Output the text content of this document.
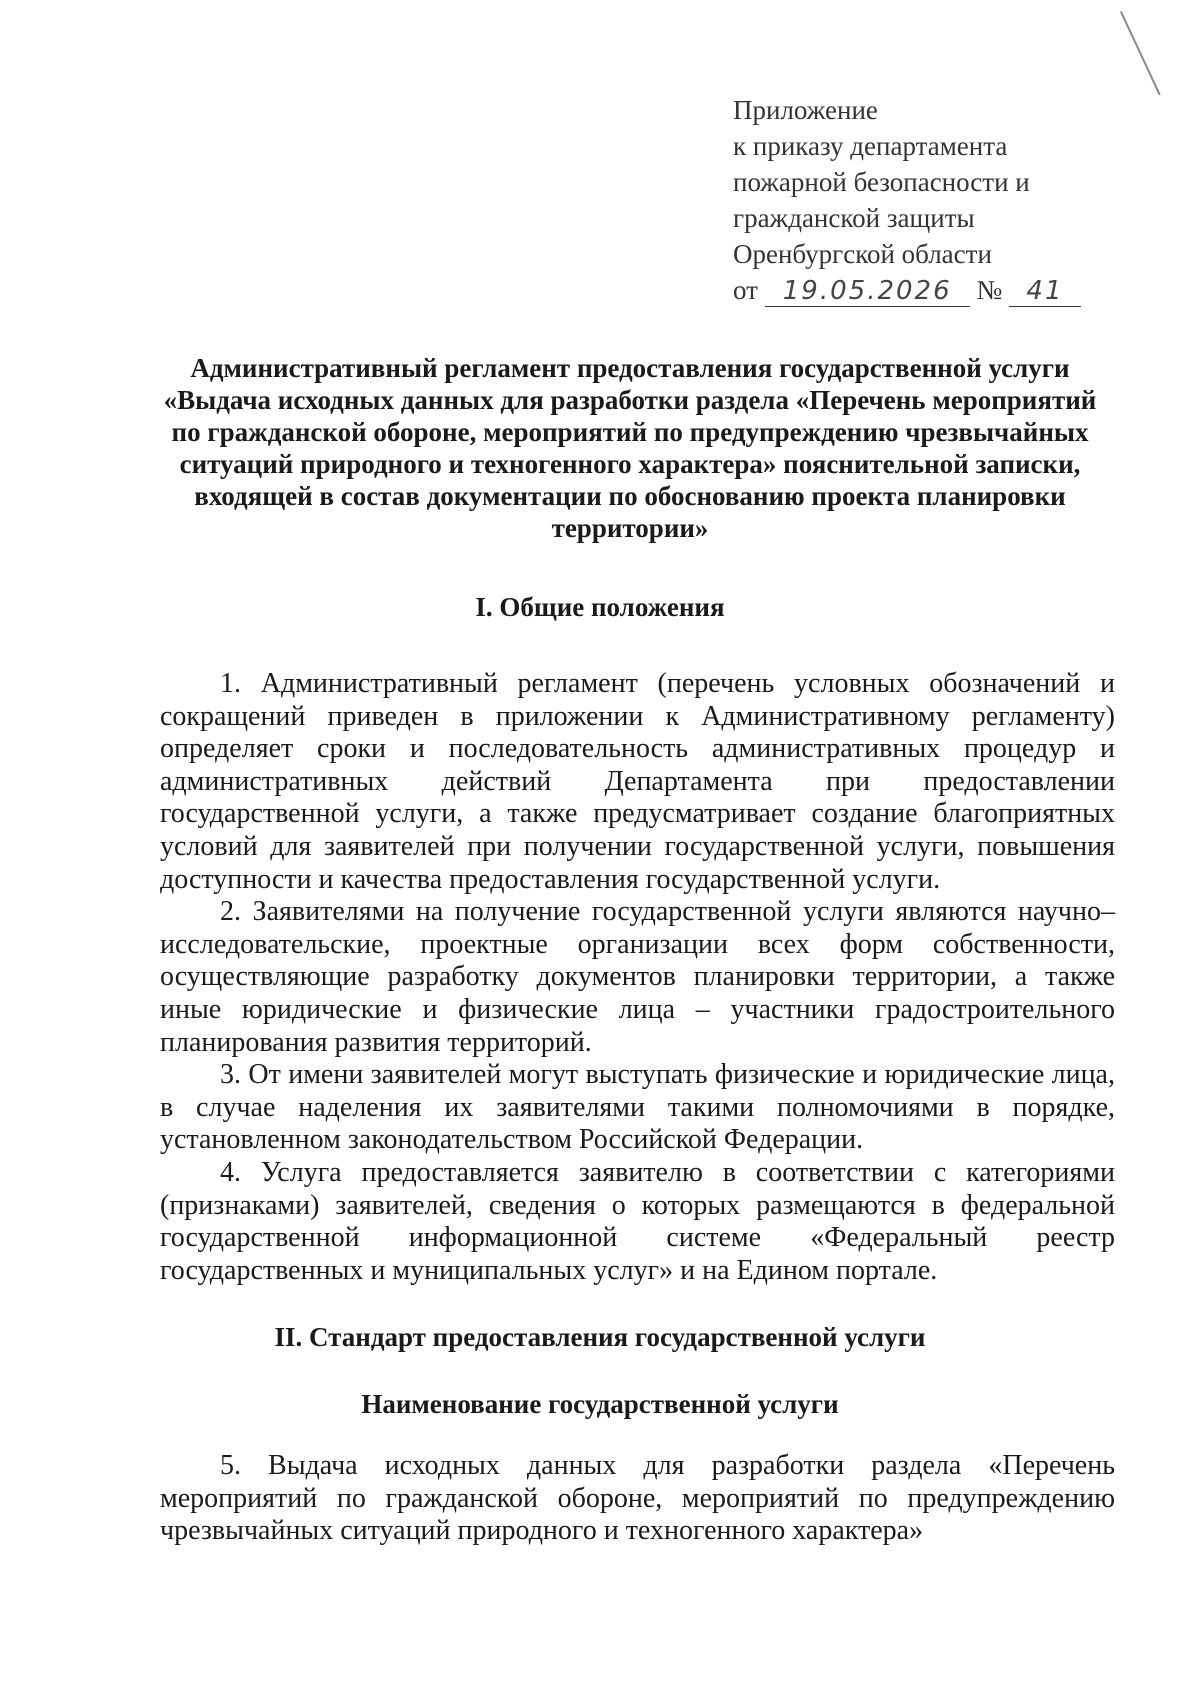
Приложение
к приказу департамента
пожарной безопасности и
гражданской защиты
Оренбургской области
от 19.05.2026 № 41
Административный регламент предоставления государственной услуги «Выдача исходных данных для разработки раздела «Перечень мероприятий по гражданской обороне, мероприятий по предупреждению чрезвычайных ситуаций природного и техногенного характера» пояснительной записки, входящей в состав документации по обоснованию проекта планировки территории»
I. Общие положения

1. Административный регламент (перечень условных обозначений и сокращений приведен в приложении к Административному регламенту) определяет сроки и последовательность административных процедур и административных действий Департамента при предоставлении государственной услуги, а также предусматривает создание благоприятных условий для заявителей при получении государственной услуги, повышения доступности и качества предоставления государственной услуги.

2. Заявителями на получение государственной услуги являются научно–исследовательские, проектные организации всех форм собственности, осуществляющие разработку документов планировки территории, а также иные юридические и физические лица – участники градостроительного планирования развития территорий.

3. От имени заявителей могут выступать физические и юридические лица, в случае наделения их заявителями такими полномочиями в порядке, установленном законодательством Российской Федерации.

4. Услуга предоставляется заявителю в соответствии с категориями (признаками) заявителей, сведения о которых размещаются в федеральной государственной информационной системе «Федеральный реестр государственных и муниципальных услуг» и на Едином портале.

II. Стандарт предоставления государственной услуги
Наименование государственной услуги

5. Выдача исходных данных для разработки раздела «Перечень мероприятий по гражданской обороне, мероприятий по предупреждению чрезвычайных ситуаций природного и техногенного характера»
